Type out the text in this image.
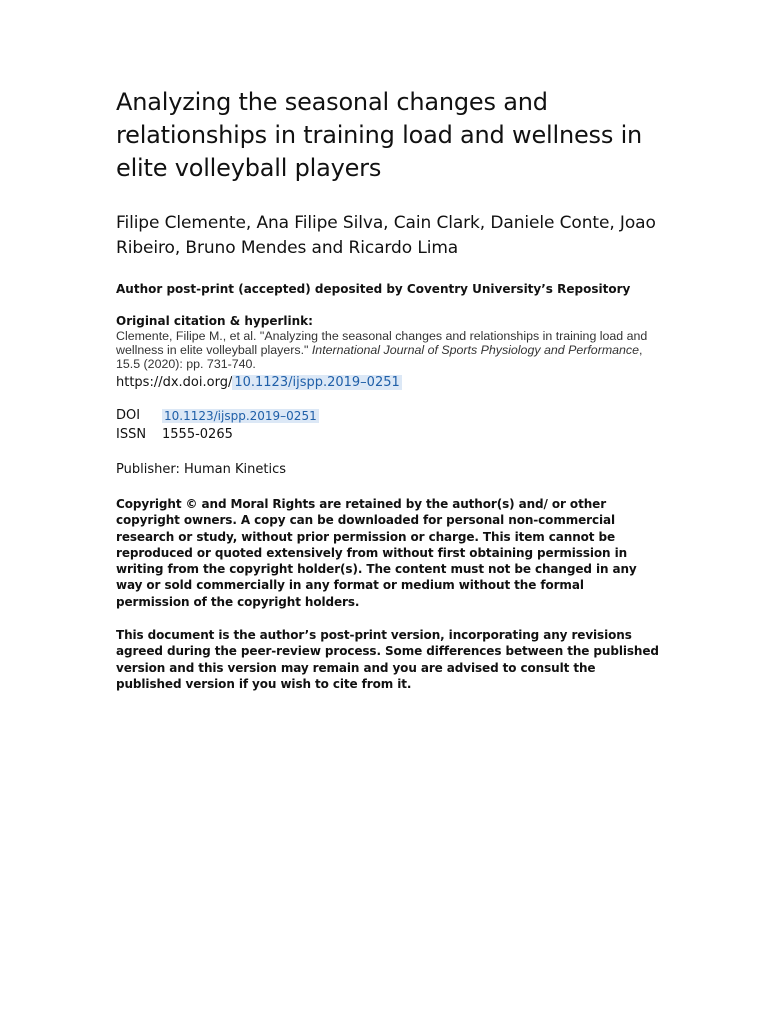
Analyzing the seasonal changes and relationships in training load and wellness in elite volleyball players
Filipe Clemente, Ana Filipe Silva, Cain Clark, Daniele Conte, Joao Ribeiro, Bruno Mendes and Ricardo Lima
Author post-print (accepted) deposited by Coventry University’s Repository
Original citation & hyperlink:
Clemente, Filipe M., et al. "Analyzing the seasonal changes and relationships in training load and wellness in elite volleyball players." International Journal of Sports Physiology and Performance, 15.5 (2020): pp. 731-740.
https://dx.doi.org/ 10.1123/ijspp.2019–0251
DOI	10.1123/ijspp.2019–0251
ISSN	1555-0265
Publisher: Human Kinetics
Copyright © and Moral Rights are retained by the author(s) and/ or other copyright owners. A copy can be downloaded for personal non-commercial research or study, without prior permission or charge. This item cannot be reproduced or quoted extensively from without first obtaining permission in writing from the copyright holder(s). The content must not be changed in any way or sold commercially in any format or medium without the formal permission of the copyright holders.
This document is the author’s post-print version, incorporating any revisions agreed during the peer-review process. Some differences between the published version and this version may remain and you are advised to consult the published version if you wish to cite from it.
